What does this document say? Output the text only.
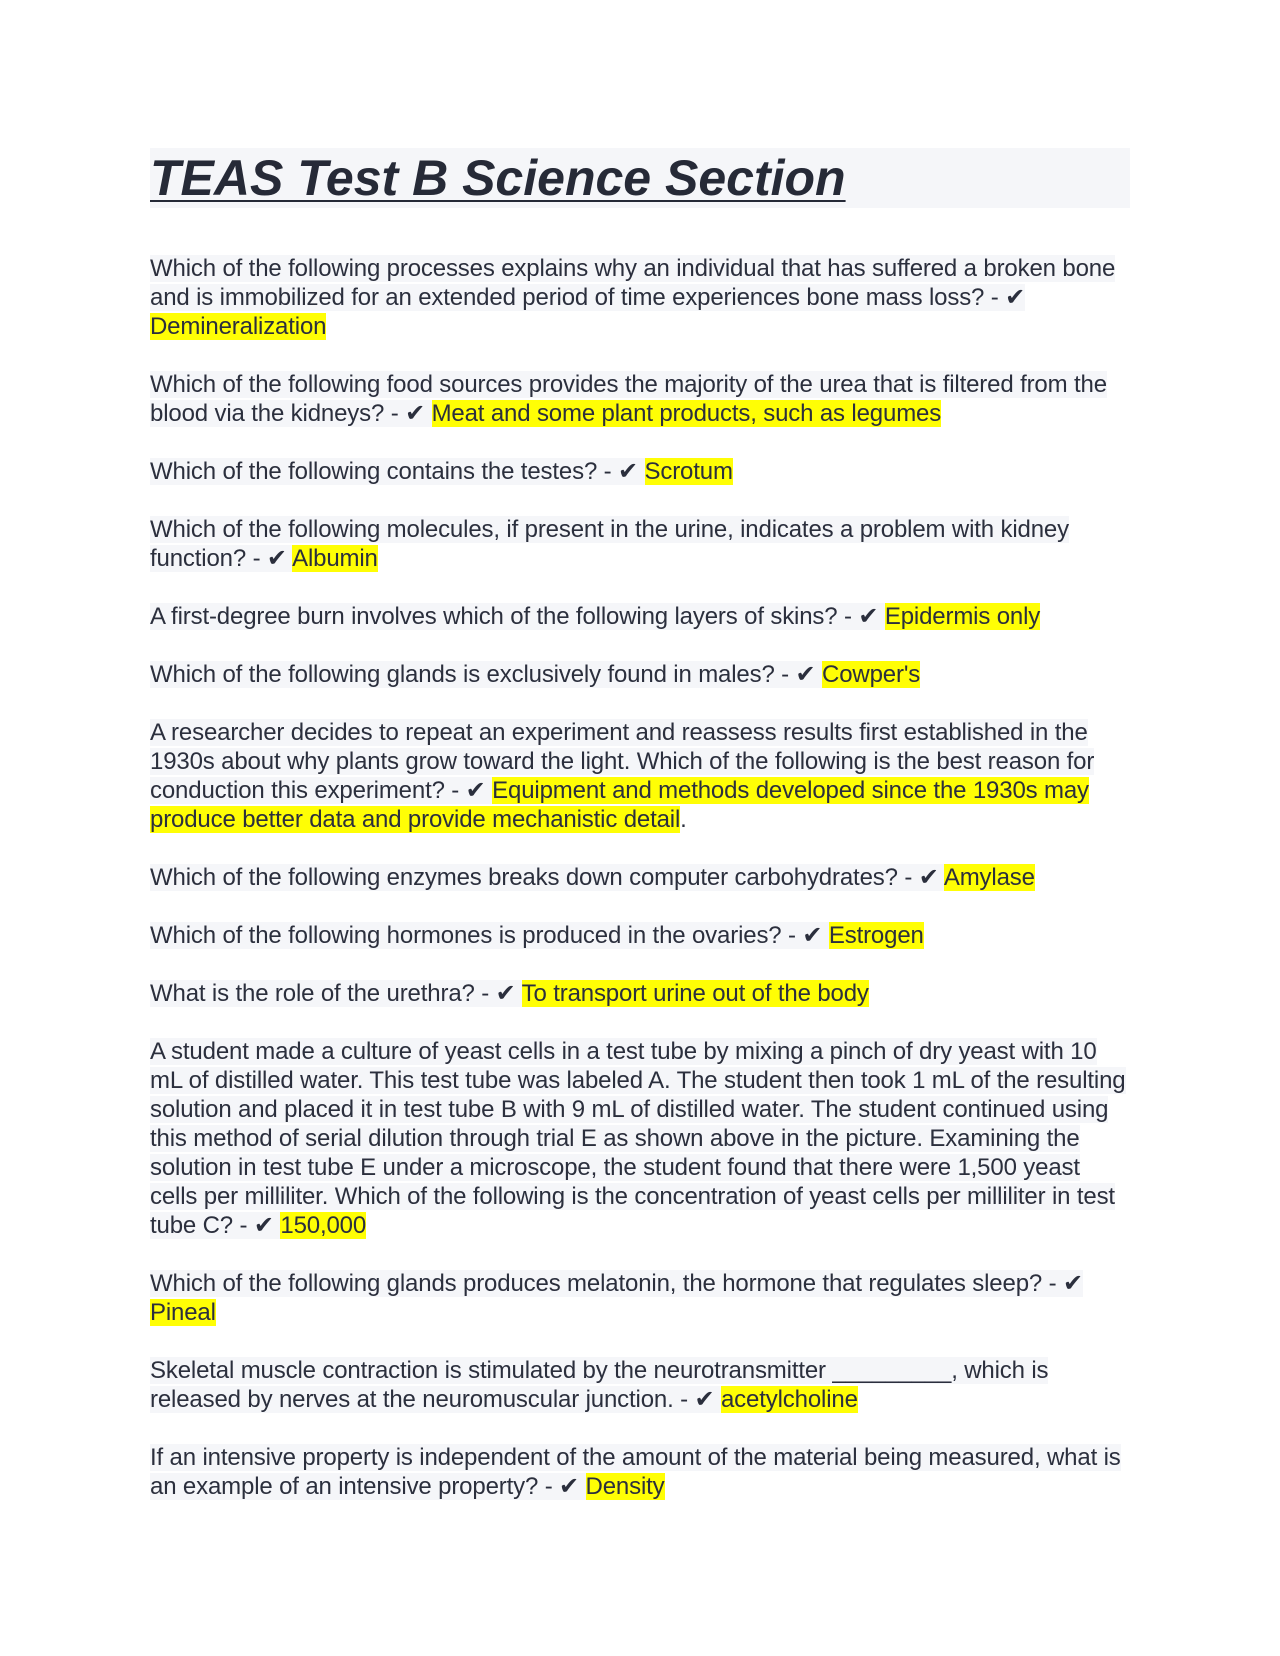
TEAS Test B Science Section

Which of the following processes explains why an individual that has suffered a broken bone and is immobilized for an extended period of time experiences bone mass loss? - ✔ Demineralization

Which of the following food sources provides the majority of the urea that is filtered from the blood via the kidneys? - ✔ Meat and some plant products, such as legumes

Which of the following contains the testes? - ✔ Scrotum

Which of the following molecules, if present in the urine, indicates a problem with kidney function? - ✔ Albumin

A first-degree burn involves which of the following layers of skins? - ✔ Epidermis only

Which of the following glands is exclusively found in males? - ✔ Cowper's

A researcher decides to repeat an experiment and reassess results first established in the 1930s about why plants grow toward the light. Which of the following is the best reason for conduction this experiment? - ✔ Equipment and methods developed since the 1930s may produce better data and provide mechanistic detail.

Which of the following enzymes breaks down computer carbohydrates? - ✔ Amylase

Which of the following hormones is produced in the ovaries? - ✔ Estrogen

What is the role of the urethra? - ✔ To transport urine out of the body

A student made a culture of yeast cells in a test tube by mixing a pinch of dry yeast with 10 mL of distilled water. This test tube was labeled A. The student then took 1 mL of the resulting solution and placed it in test tube B with 9 mL of distilled water. The student continued using this method of serial dilution through trial E as shown above in the picture. Examining the solution in test tube E under a microscope, the student found that there were 1,500 yeast cells per milliliter. Which of the following is the concentration of yeast cells per milliliter in test tube C? - ✔ 150,000

Which of the following glands produces melatonin, the hormone that regulates sleep? - ✔ Pineal

Skeletal muscle contraction is stimulated by the neurotransmitter _________, which is released by nerves at the neuromuscular junction. - ✔ acetylcholine

If an intensive property is independent of the amount of the material being measured, what is an example of an intensive property? - ✔ Density
